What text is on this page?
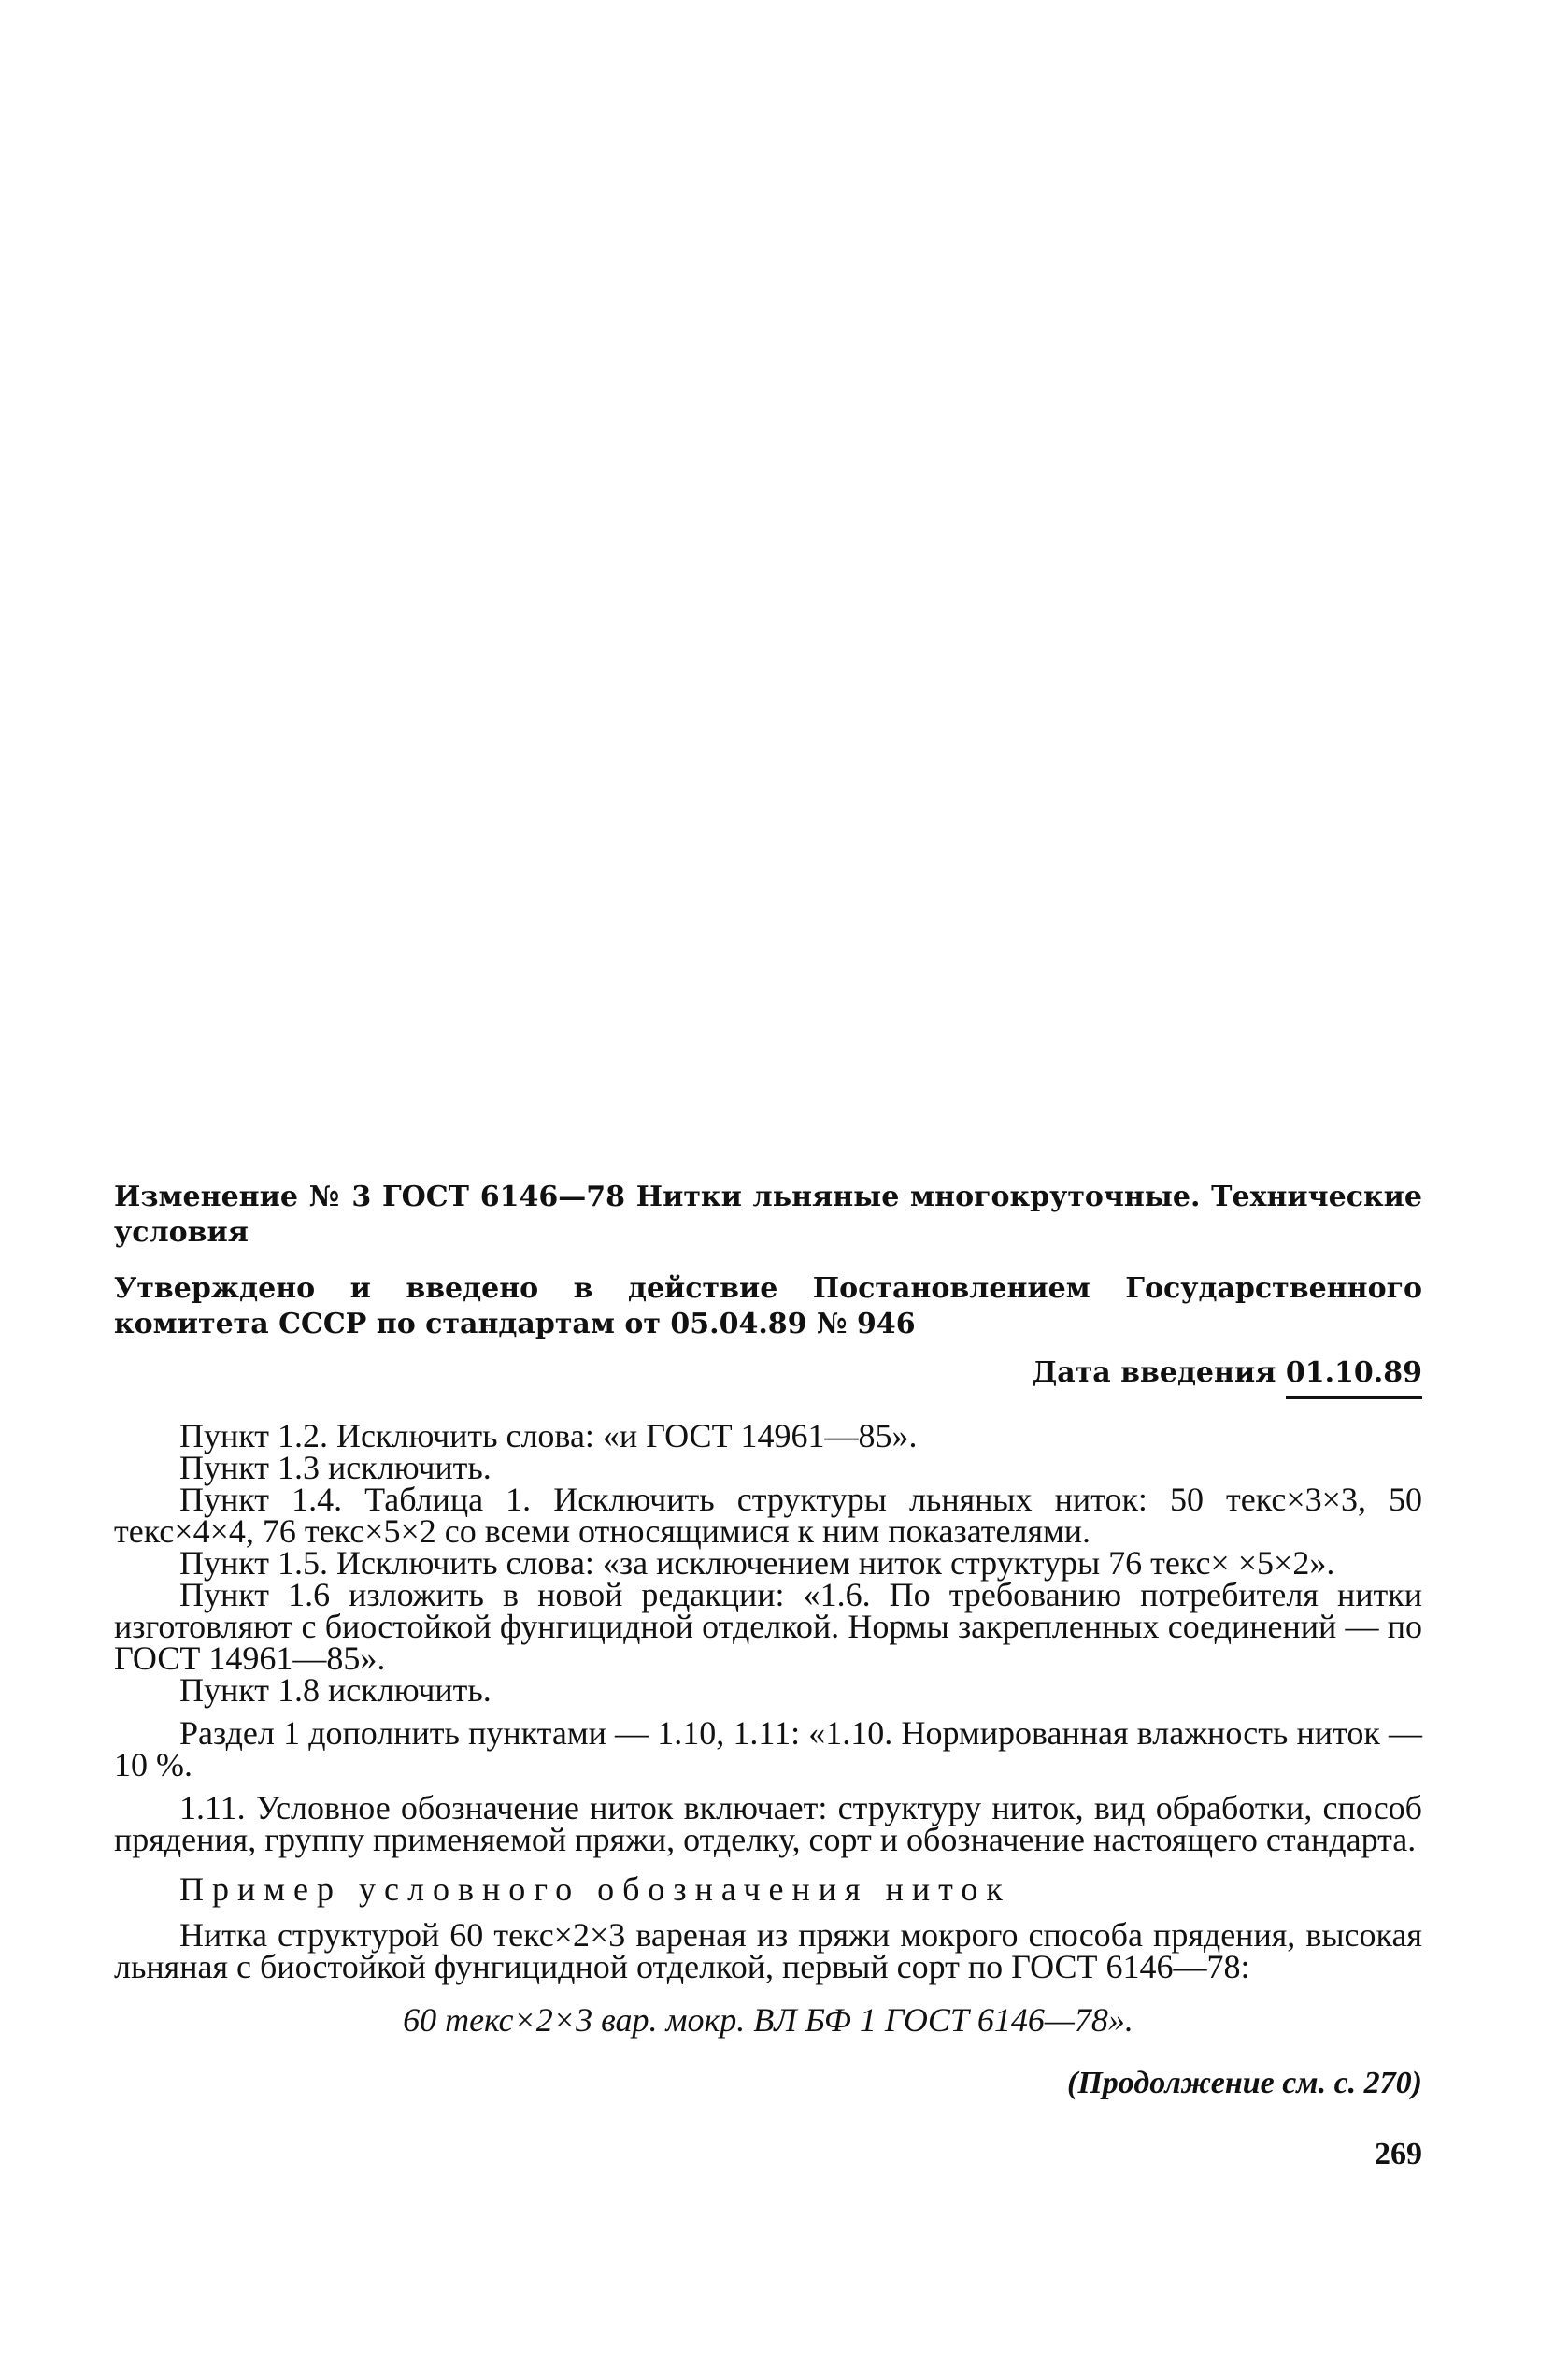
Изменение № 3 ГОСТ 6146—78 Нитки льняные многокруточные. Технические условия
Утверждено и введено в действие Постановлением Государственного комитета СССР по стандартам от 05.04.89 № 946
Дата введения 01.10.89

Пункт 1.2. Исключить слова: «и ГОСТ 14961—85».

Пункт 1.3 исключить.

Пункт 1.4. Таблица 1. Исключить структуры льняных ниток: 50 текс×3×3, 50 текс×4×4, 76 текс×5×2 со всеми относящимися к ним показателями.

Пункт 1.5. Исключить слова: «за исключением ниток структуры 76 текс× ×5×2».

Пункт 1.6 изложить в новой редакции: «1.6. По требованию потребителя нитки изготовляют с биостойкой фунгицидной отделкой. Нормы закрепленных соединений — по ГОСТ 14961—85».

Пункт 1.8 исключить.

Раздел 1 дополнить пунктами — 1.10, 1.11: «1.10. Нормированная влажность ниток — 10 %.

1.11. Условное обозначение ниток включает: структуру ниток, вид обработки, способ прядения, группу применяемой пряжи, отделку, сорт и обозначение настоящего стандарта.

Пример условного обозначения ниток

Нитка структурой 60 текс×2×3 вареная из пряжи мокрого способа прядения, высокая льняная с биостойкой фунгицидной отделкой, первый сорт по ГОСТ 6146—78:

60 текс×2×3 вар. мокр. ВЛ БФ 1 ГОСТ 6146—78».
(Продолжение см. с. 270)
269
